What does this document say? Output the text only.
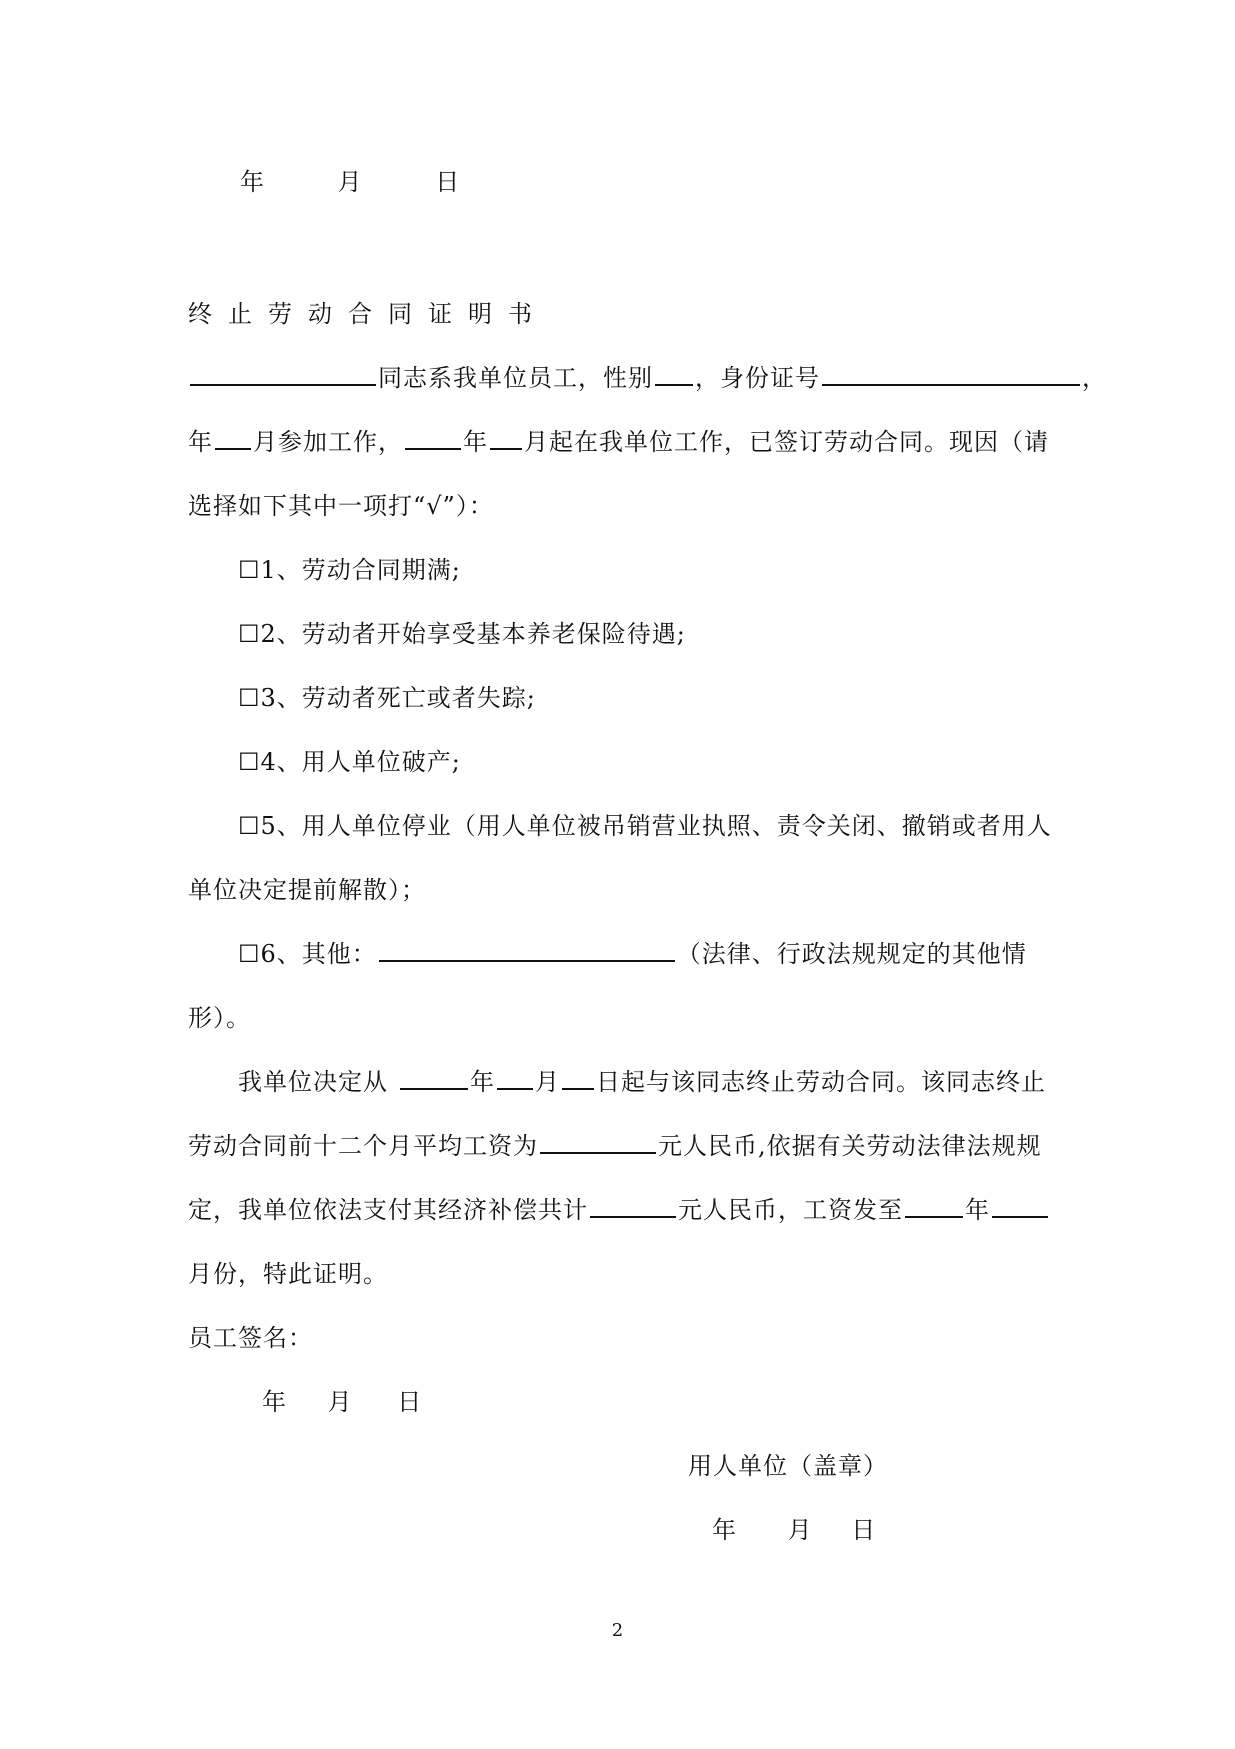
年	月	日
终止劳动合同证明书
同志系我单位员工，性别 ，身份证号	，
年 月参加工作，	年 月起在我单位工作，已签订劳动合同。现因（请
选择如下其中一项打“√”）：
☐1、劳动合同期满;
☐2、劳动者开始享受基本养老保险待遇;
☐3、劳动者死亡或者失踪;
☐4、用人单位破产;
☐5、用人单位停业（用人单位被吊销营业执照、责令关闭、撤销或者用人
单位决定提前解散）；
☐6、其他：	（法律、行政法规规定的其他情
形）。
我单位决定从	年 月 日起与该同志终止劳动合同。该同志终止
劳动合同前十二个月平均工资为	元人民币,依据有关劳动法律法规规
定，我单位依法支付其经济补偿共计	元人民币，工资发至	年
月份，特此证明。
员工签名：
年 月 日
用人单位（盖章）
年 月 日
2
